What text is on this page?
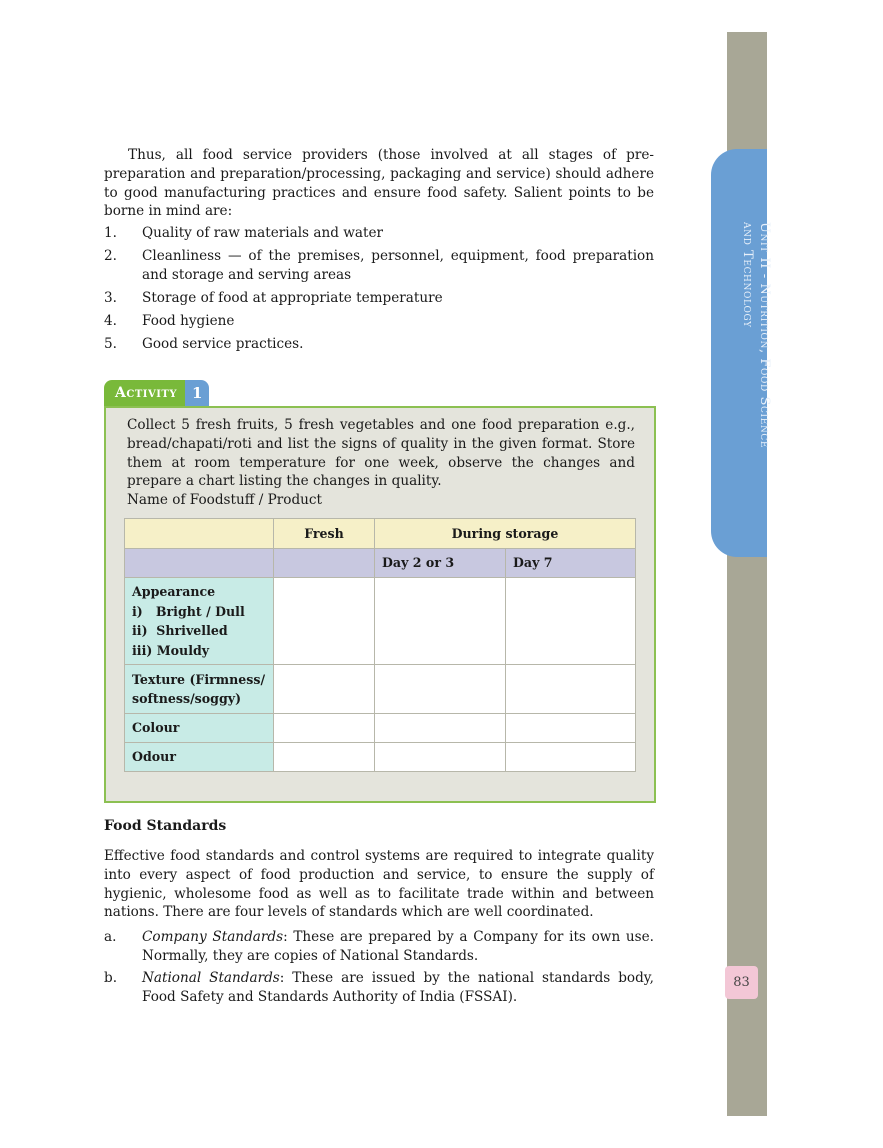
Unit II - Nutrition, Food Science
and Technology
83

Thus, all food service providers (those involved at all stages of pre-preparation and preparation/processing, packaging and service) should adhere to good manufacturing practices and ensure food safety. Salient points to be borne in mind are:

1. Quality of raw materials and water
2. Cleanliness — of the premises, personnel, equipment, food preparation and storage and serving areas
3. Storage of food at appropriate temperature
4. Food hygiene
5. Good service practices.
Activity	1

Collect 5 fresh fruits, 5 fresh vegetables and one food preparation e.g., bread/chapati/roti and list the signs of quality in the given format. Store them at room temperature for one week, observe the changes and prepare a chart listing the changes in quality.

Name of Foodstuff / Product

	Fresh	During storage	
		Day 2 or 3	Day 7

Appearance
i)   Bright / Dull
ii)  Shrivelled
iii) Mouldy			

Texture (Firmness/
softness/soggy)			

Colour			
Odour			
Food Standards

Effective food standards and control systems are required to integrate quality into every aspect of food production and service, to ensure the supply of hygienic, wholesome food as well as to facilitate trade within and between nations. There are four levels of standards which are well coordinated.

a. Company Standards: These are prepared by a Company for its own use. Normally, they are copies of National Standards.
b. National Standards: These are issued by the national standards body, Food Safety and Standards Authority of India (FSSAI).
